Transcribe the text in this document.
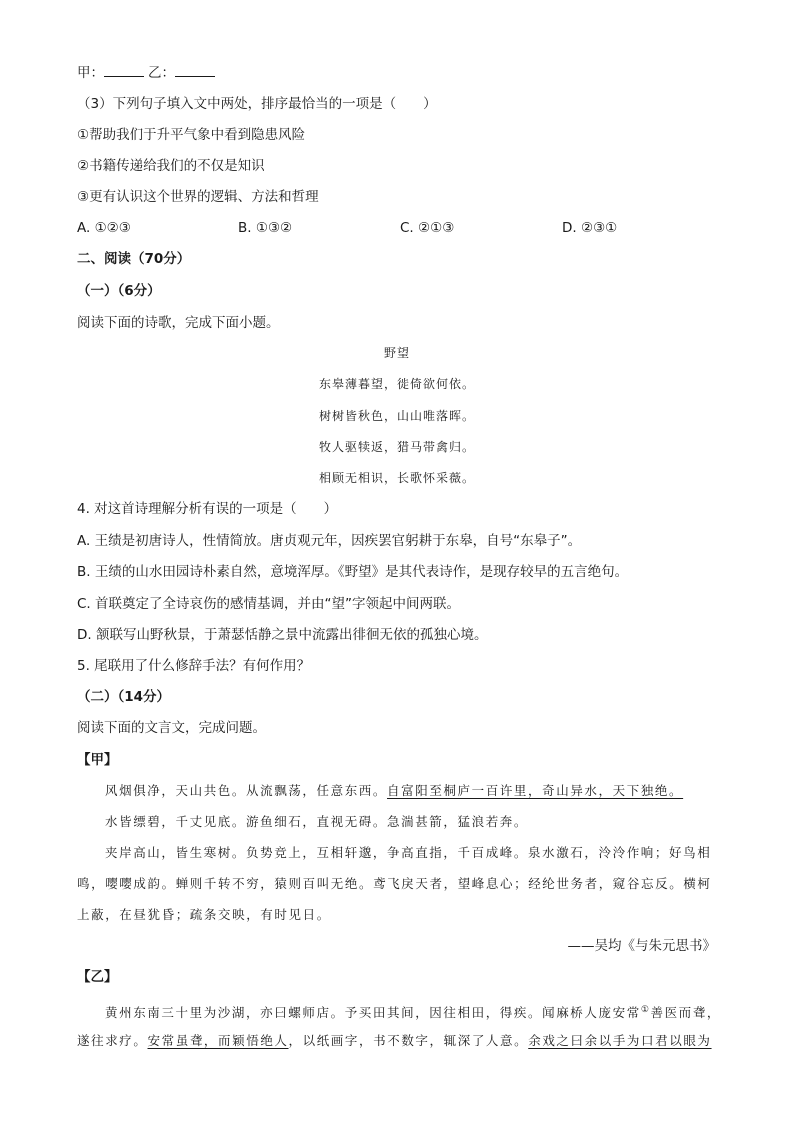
甲：	乙：
（3）下列句子填入文中两处，排序最恰当的一项是（　　）
①帮助我们于升平气象中看到隐患风险
②书籍传递给我们的不仅是知识
③更有认识这个世界的逻辑、方法和哲理
A. ①②③	B. ①③②	C. ②①③	D. ②③①
二、阅读（70分）
（一）（6分）
阅读下面的诗歌，完成下面小题。
野望
东皋薄暮望，徙倚欲何依。
树树皆秋色，山山唯落晖。
牧人驱犊返，猎马带禽归。
相顾无相识，长歌怀采薇。
4. 对这首诗理解分析有误的一项是（　　）
A. 王绩是初唐诗人，性情简放。唐贞观元年，因疾罢官躬耕于东皋，自号“东皋子”。
B. 王绩的山水田园诗朴素自然，意境浑厚。《野望》是其代表诗作，是现存较早的五言绝句。
C. 首联奠定了全诗哀伤的感情基调，并由“望”字领起中间两联。
D. 颔联写山野秋景，于萧瑟恬静之景中流露出徘徊无依的孤独心境。
5. 尾联用了什么修辞手法？有何作用？
（二）（14分）
阅读下面的文言文，完成问题。
【甲】
风烟俱净，天山共色。从流飘荡，任意东西。自富阳至桐庐一百许里，奇山异水，天下独绝。
水皆缥碧，千丈见底。游鱼细石，直视无碍。急湍甚箭，猛浪若奔。
夹岸高山，皆生寒树。负势竞上，互相轩邈，争高直指，千百成峰。泉水激石，泠泠作响；好鸟相
鸣，嘤嘤成韵。蝉则千转不穷，猿则百叫无绝。鸢飞戾天者，望峰息心；经纶世务者，窥谷忘反。横柯
上蔽，在昼犹昏；疏条交映，有时见日。
——吴均《与朱元思书》
【乙】
黄州东南三十里为沙湖，亦曰螺师店。予买田其间，因往相田，得疾。闻麻桥人庞安常①善医而聋，
遂往求疗。安常虽聋，而颖悟绝人，以纸画字，书不数字，辄深了人意。余戏之曰余以手为口君以眼为
